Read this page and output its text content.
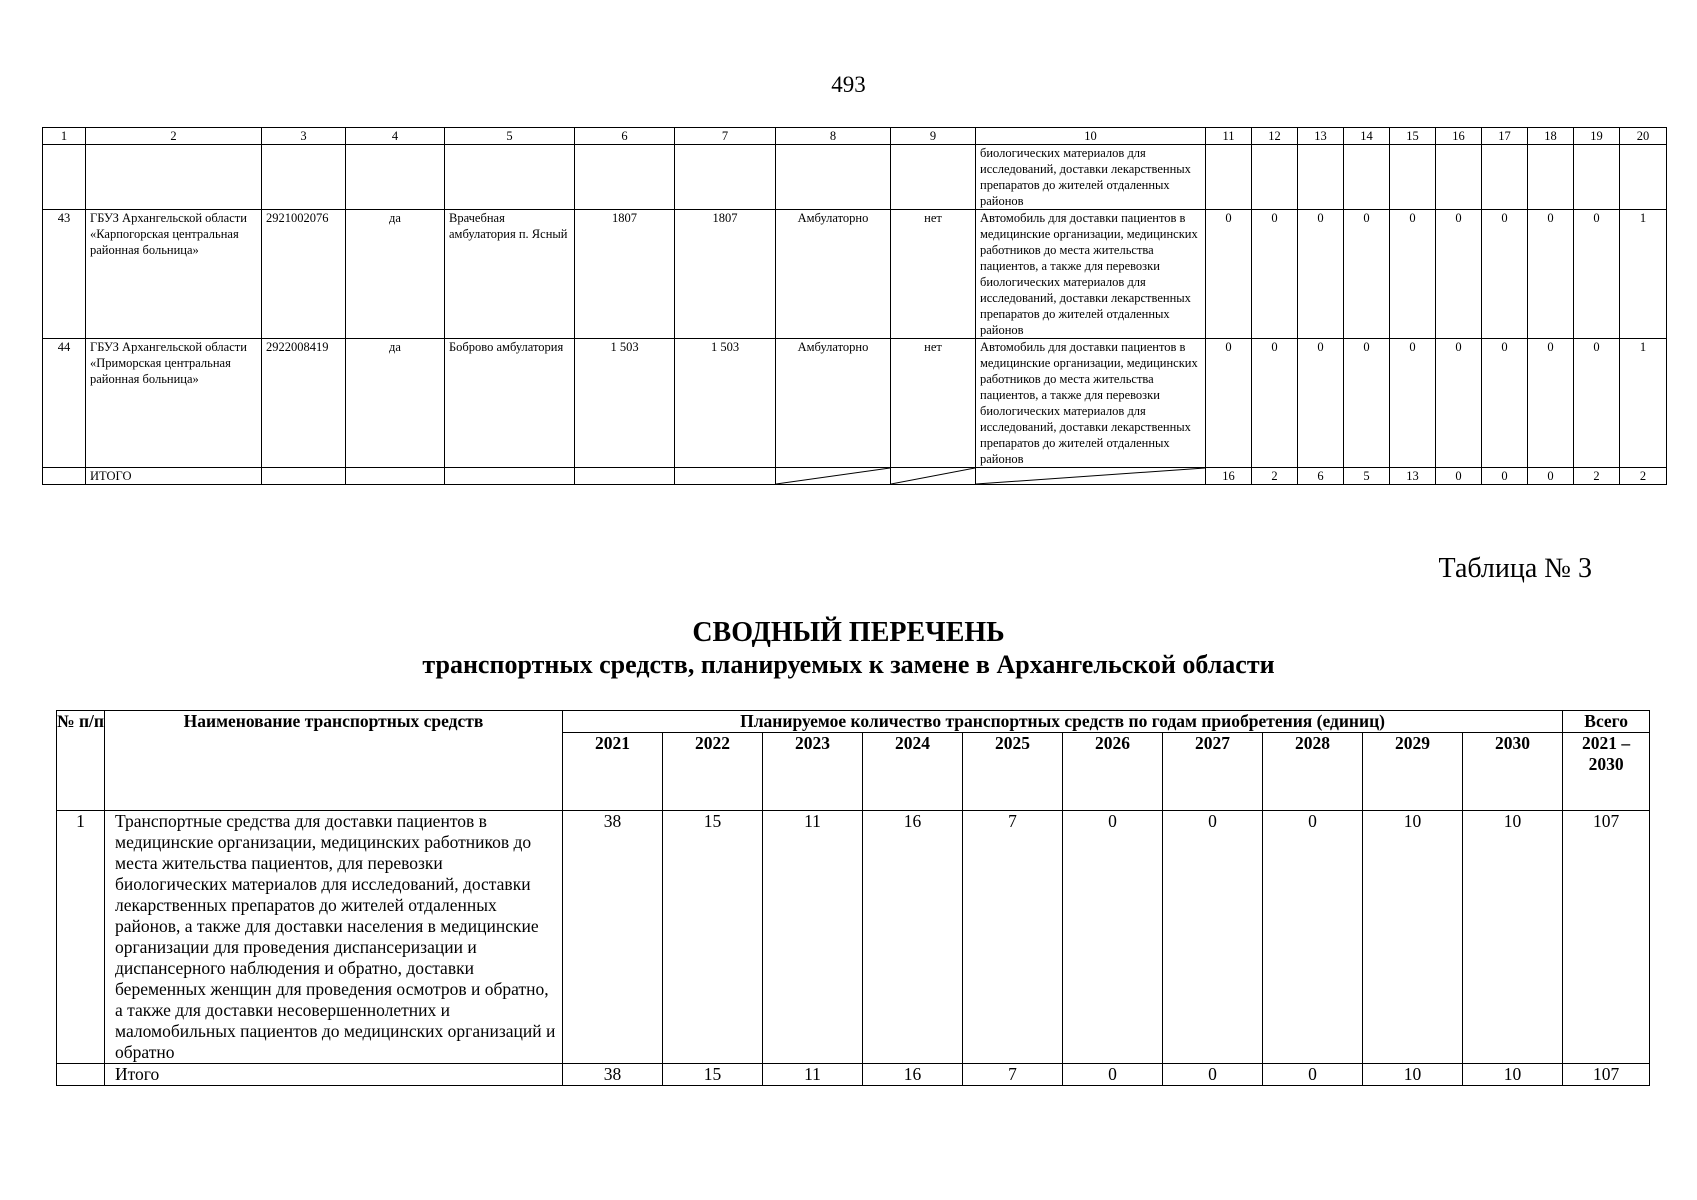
493
1	2	3	4	5	6	7	8	9	10	11	12	13	14	15	16	17	18	19	20
									биологических материалов для исследований, доставки лекарственных препаратов до жителей отдаленных районов										
43	ГБУЗ Архангельской области «Карпогорская центральная районная больница»	2921002076	да	Врачебная амбулатория п. Ясный	1807	1807	Амбулаторно	нет	Автомобиль для доставки пациентов в медицинские организации, медицинских работников до места жительства пациентов, а также для перевозки биологических материалов для исследований, доставки лекарственных препаратов до жителей отдаленных районов	0	0	0	0	0	0	0	0	0	1
44	ГБУЗ Архангельской области «Приморская центральная районная больница»	2922008419	да	Боброво амбулатория	1 503	1 503	Амбулаторно	нет	Автомобиль для доставки пациентов в медицинские организации, медицинских работников до места жительства пациентов, а также для перевозки биологических материалов для исследований, доставки лекарственных препаратов до жителей отдаленных районов	0	0	0	0	0	0	0	0	0	1
	ИТОГО									16	2	6	5	13	0	0	0	2	2
Таблица № 3
СВОДНЫЙ ПЕРЕЧЕНЬ
транспортных средств, планируемых к замене в Архангельской области
№ п/п	Наименование транспортных средств	Планируемое количество транспортных средств по годам приобретения (единиц)										Всего
		2021	2022	2023	2024	2025	2026	2027	2028	2029	2030	2021 – 2030
1	Транспортные средства для доставки пациентов в медицинские организации, медицинских работников до места жительства пациентов, для перевозки биологических материалов для исследований, доставки лекарственных препаратов до жителей отдаленных районов, а также для доставки населения в медицинские организации для проведения диспансеризации и диспансерного наблюдения и обратно, доставки беременных женщин для проведения осмотров и обратно, а также для доставки несовершеннолетних и маломобильных пациентов до медицинских организаций и обратно	38	15	11	16	7	0	0	0	10	10	107
	Итого	38	15	11	16	7	0	0	0	10	10	107
